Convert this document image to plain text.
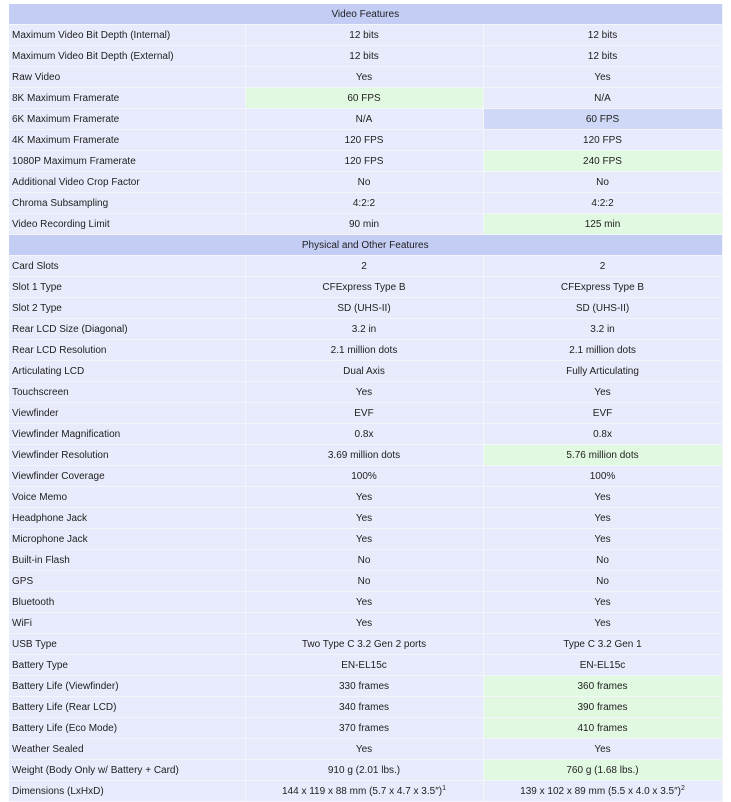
Video Features		
Maximum Video Bit Depth (Internal)	12 bits	12 bits
Maximum Video Bit Depth (External)	12 bits	12 bits
Raw Video	Yes	Yes
8K Maximum Framerate	60 FPS	N/A
6K Maximum Framerate	N/A	60 FPS
4K Maximum Framerate	120 FPS	120 FPS
1080P Maximum Framerate	120 FPS	240 FPS
Additional Video Crop Factor	No	No
Chroma Subsampling	4:2:2	4:2:2
Video Recording Limit	90 min	125 min
Physical and Other Features		
Card Slots	2	2
Slot 1 Type	CFExpress Type B	CFExpress Type B
Slot 2 Type	SD (UHS-II)	SD (UHS-II)
Rear LCD Size (Diagonal)	3.2 in	3.2 in
Rear LCD Resolution	2.1 million dots	2.1 million dots
Articulating LCD	Dual Axis	Fully Articulating
Touchscreen	Yes	Yes
Viewfinder	EVF	EVF
Viewfinder Magnification	0.8x	0.8x
Viewfinder Resolution	3.69 million dots	5.76 million dots
Viewfinder Coverage	100%	100%
Voice Memo	Yes	Yes
Headphone Jack	Yes	Yes
Microphone Jack	Yes	Yes
Built-in Flash	No	No
GPS	No	No
Bluetooth	Yes	Yes
WiFi	Yes	Yes
USB Type	Two Type C 3.2 Gen 2 ports	Type C 3.2 Gen 1
Battery Type	EN-EL15c	EN-EL15c
Battery Life (Viewfinder)	330 frames	360 frames
Battery Life (Rear LCD)	340 frames	390 frames
Battery Life (Eco Mode)	370 frames	410 frames
Weather Sealed	Yes	Yes
Weight (Body Only w/ Battery + Card)	910 g (2.01 lbs.)	760 g (1.68 lbs.)
Dimensions (LxHxD)	144 x 119 x 88 mm (5.7 x 4.7 x 3.5″)$^1$	139 x 102 x 89 mm (5.5 x 4.0 x 3.5″)$^2$
